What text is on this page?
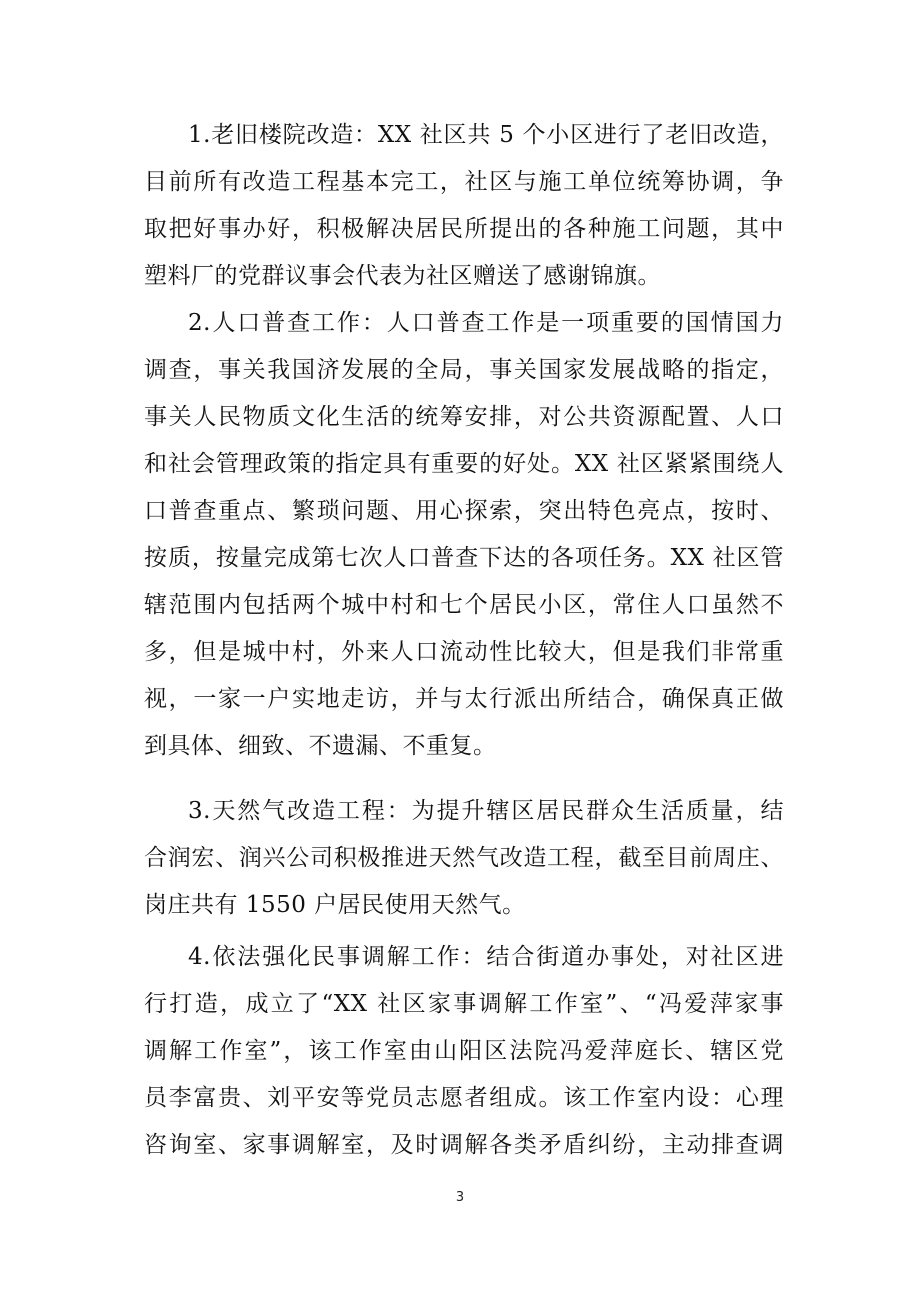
1.老旧楼院改造：XX 社区共 5 个小区进行了老旧改造，
目前所有改造工程基本完工，社区与施工单位统筹协调，争
取把好事办好，积极解决居民所提出的各种施工问题，其中
塑料厂的党群议事会代表为社区赠送了感谢锦旗。
2.人口普查工作：人口普查工作是一项重要的国情国力
调查，事关我国济发展的全局，事关国家发展战略的指定，
事关人民物质文化生活的统筹安排，对公共资源配置、人口
和社会管理政策的指定具有重要的好处。XX 社区紧紧围绕人
口普查重点、繁琐问题、用心探索，突出特色亮点，按时、
按质，按量完成第七次人口普查下达的各项任务。XX 社区管
辖范围内包括两个城中村和七个居民小区，常住人口虽然不
多，但是城中村，外来人口流动性比较大，但是我们非常重
视，一家一户实地走访，并与太行派出所结合，确保真正做
到具体、细致、不遗漏、不重复。
3.天然气改造工程：为提升辖区居民群众生活质量，结
合润宏、润兴公司积极推进天然气改造工程，截至目前周庄、
岗庄共有 1550 户居民使用天然气。
4.依法强化民事调解工作：结合街道办事处，对社区进
行打造，成立了“XX 社区家事调解工作室”、“冯爱萍家事
调解工作室”，该工作室由山阳区法院冯爱萍庭长、辖区党
员李富贵、刘平安等党员志愿者组成。该工作室内设：心理
咨询室、家事调解室，及时调解各类矛盾纠纷，主动排查调
3
